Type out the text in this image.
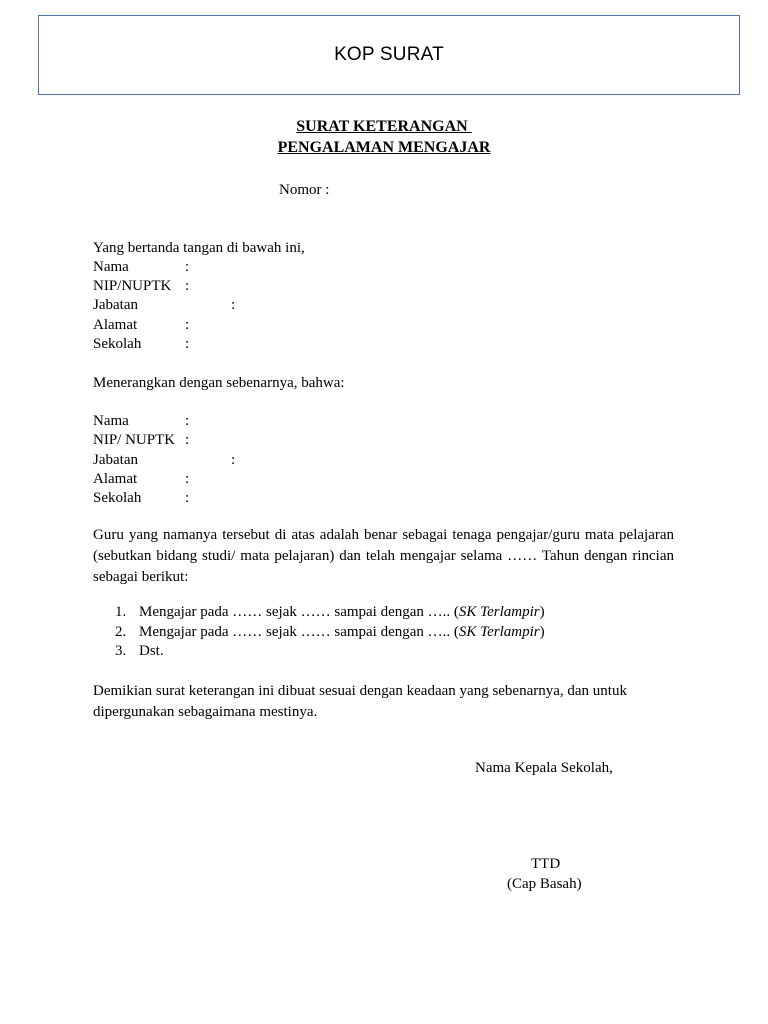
KOP SURAT
SURAT KETERANGAN
PENGALAMAN MENGAJAR
Nomor :
Yang bertanda tangan di bawah ini,
Nama	:
NIP/NUPTK :
Jabatan	:
Alamat	:
Sekolah	:
Menerangkan dengan sebenarnya, bahwa:
Nama	:
NIP/ NUPTK :
Jabatan	:
Alamat	:
Sekolah	:
Guru yang namanya tersebut di atas adalah benar sebagai tenaga pengajar/guru mata pelajaran (sebutkan bidang studi/ mata pelajaran) dan telah mengajar selama …… Tahun dengan rincian sebagai berikut:
1. Mengajar pada …… sejak …… sampai dengan ….. (SK Terlampir)
2. Mengajar pada …… sejak …… sampai dengan ….. (SK Terlampir)
3. Dst.
Demikian surat keterangan ini dibuat sesuai dengan keadaan yang sebenarnya, dan untuk dipergunakan sebagaimana mestinya.
Nama Kepala Sekolah,
TTD
(Cap Basah)
